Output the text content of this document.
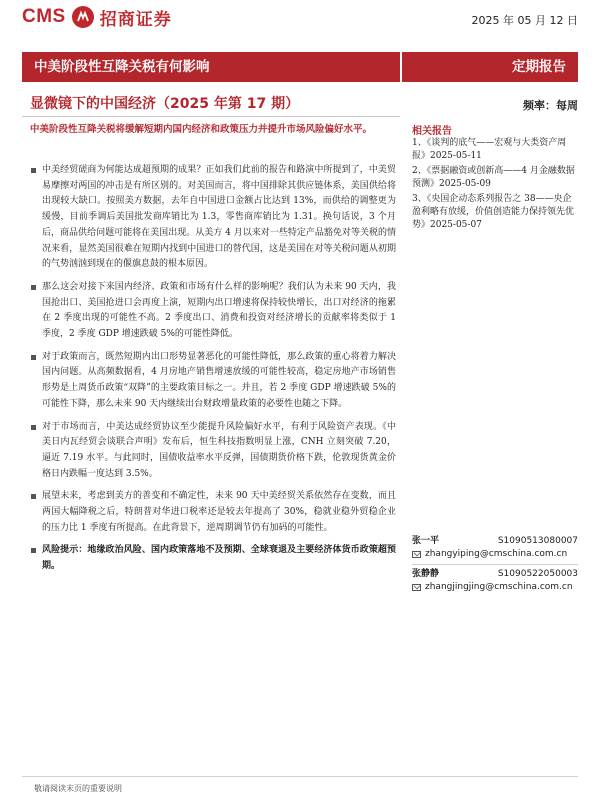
CMS 招商证券	2025 年 05 月 12 日
中美阶段性互降关税有何影响	定期报告
显微镜下的中国经济（2025 年第 17 期）	频率：每周
中美阶段性互降关税将缓解短期内国内经济和政策压力并提升市场风险偏好水平。

中美经贸磋商为何能达成超预期的成果？正如我们此前的报告和路演中所提到了，中美贸易摩擦对两国的冲击是有所区别的。对美国而言，将中国排除其供应链体系，美国供给将出现较大缺口。按照美方数据，去年自中国进口金额占比达到 13%，而供给的调整更为缓慢，目前季调后美国批发商库销比为 1.3，零售商库销比为 1.31。换句话说，3 个月后，商品供给问题可能将在美国出现。从美方 4 月以来对一些特定产品豁免对等关税的情况来看，显然美国很难在短期内找到中国进口的替代国，这是美国在对等关税问题从初期的气势汹汹到现在的偃旗息鼓的根本原因。

那么这会对接下来国内经济、政策和市场有什么样的影响呢？我们认为未来 90 天内，我国抢出口、美国抢进口会再度上演，短期内出口增速将保持较快增长，出口对经济的拖累在 2 季度出现的可能性不高。2 季度出口、消费和投资对经济增长的贡献率将类似于 1 季度，2 季度 GDP 增速跌破 5%的可能性降低。

对于政策而言，既然短期内出口形势显著恶化的可能性降低，那么政策的重心将着力解决国内问题。从高频数据看，4 月房地产销售增速放缓的可能性较高，稳定房地产市场销售形势是上周货币政策“双降”的主要政策目标之一。并且，若 2 季度 GDP 增速跌破 5%的可能性下降，那么未来 90 天内继续出台财政增量政策的必要性也随之下降。

对于市场而言，中美达成经贸协议至少能提升风险偏好水平，有利于风险资产表现。《中美日内瓦经贸会谈联合声明》发布后，恒生科技指数明显上涨，CNH 立刻突破 7.20，逼近 7.19 水平。与此同时，国债收益率水平反弹，国债期货价格下跌，伦敦现货黄金价格日内跌幅一度达到 3.5%。

展望未来，考虑到美方的善变和不确定性，未来 90 天中美经贸关系依然存在变数，而且两国大幅降税之后，特朗普对华进口税率还是较去年提高了 30%，稳就业稳外贸稳企业的压力比 1 季度有所提高。在此背景下，逆周期调节仍有加码的可能性。

风险提示：地缘政治风险、国内政策落地不及预期、全球衰退及主要经济体货币政策超预期。

相关报告
1、《谈判的底气——宏观与大类资产周报》2025-05-11
2、《票据融资或创新高——4 月金融数据预测》2025-05-09
3、《央国企动态系列报告之 38——央企盈利略有放缓，价值创造能力保持领先优势》2025-05-07
张一平	S1090513080007
zhangyiping@cmschina.com.cn
张静静	S1090522050003
zhangjingjing@cmschina.com.cn
敬请阅读末页的重要说明
